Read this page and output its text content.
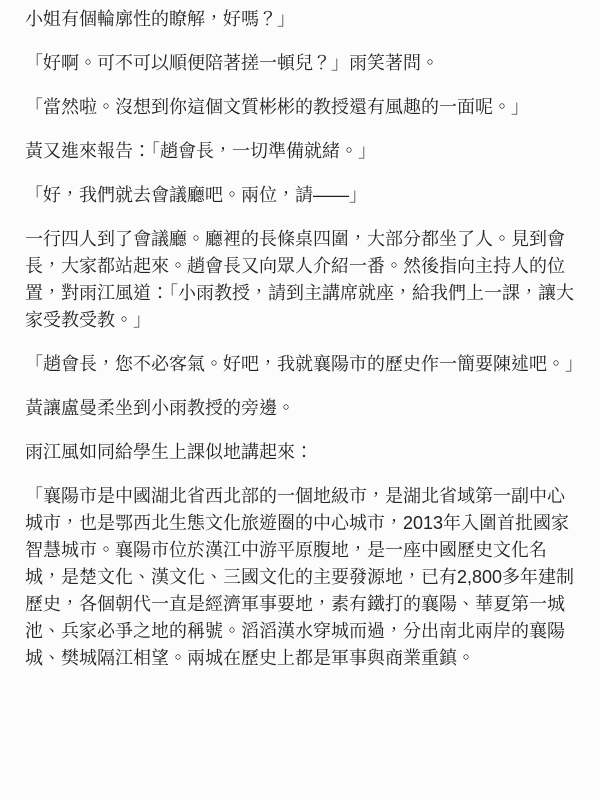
小姐有個輪廓性的瞭解，好嗎？」

「好啊。可不可以順便陪著搓一頓兒？」雨笑著問。

「當然啦。沒想到你這個文質彬彬的教授還有風趣的一面呢。」

黃又進來報告：「趙會長，一切準備就緒。」

「好，我們就去會議廳吧。兩位，請——」

一行四人到了會議廳。廳裡的長條桌四圍，大部分都坐了人。見到會長，大家都站起來。趙會長又向眾人介紹一番。然後指向主持人的位置，對雨江風道：「小雨教授，請到主講席就座，給我們上一課，讓大家受教受教。」

「趙會長，您不必客氣。好吧，我就襄陽市的歷史作一簡要陳述吧。」

黃讓盧曼柔坐到小雨教授的旁邊。

雨江風如同給學生上課似地講起來：

「襄陽市是中國湖北省西北部的一個地級市，是湖北省域第一副中心城市，也是鄂西北生態文化旅遊圈的中心城市，2013年入圍首批國家智慧城市。襄陽市位於漢江中游平原腹地，是一座中國歷史文化名城，是楚文化、漢文化、三國文化的主要發源地，已有2,800多年建制歷史，各個朝代一直是經濟軍事要地，素有鐵打的襄陽、華夏第一城池、兵家必爭之地的稱號。滔滔漢水穿城而過，分出南北兩岸的襄陽城、樊城隔江相望。兩城在歷史上都是軍事與商業重鎮。
